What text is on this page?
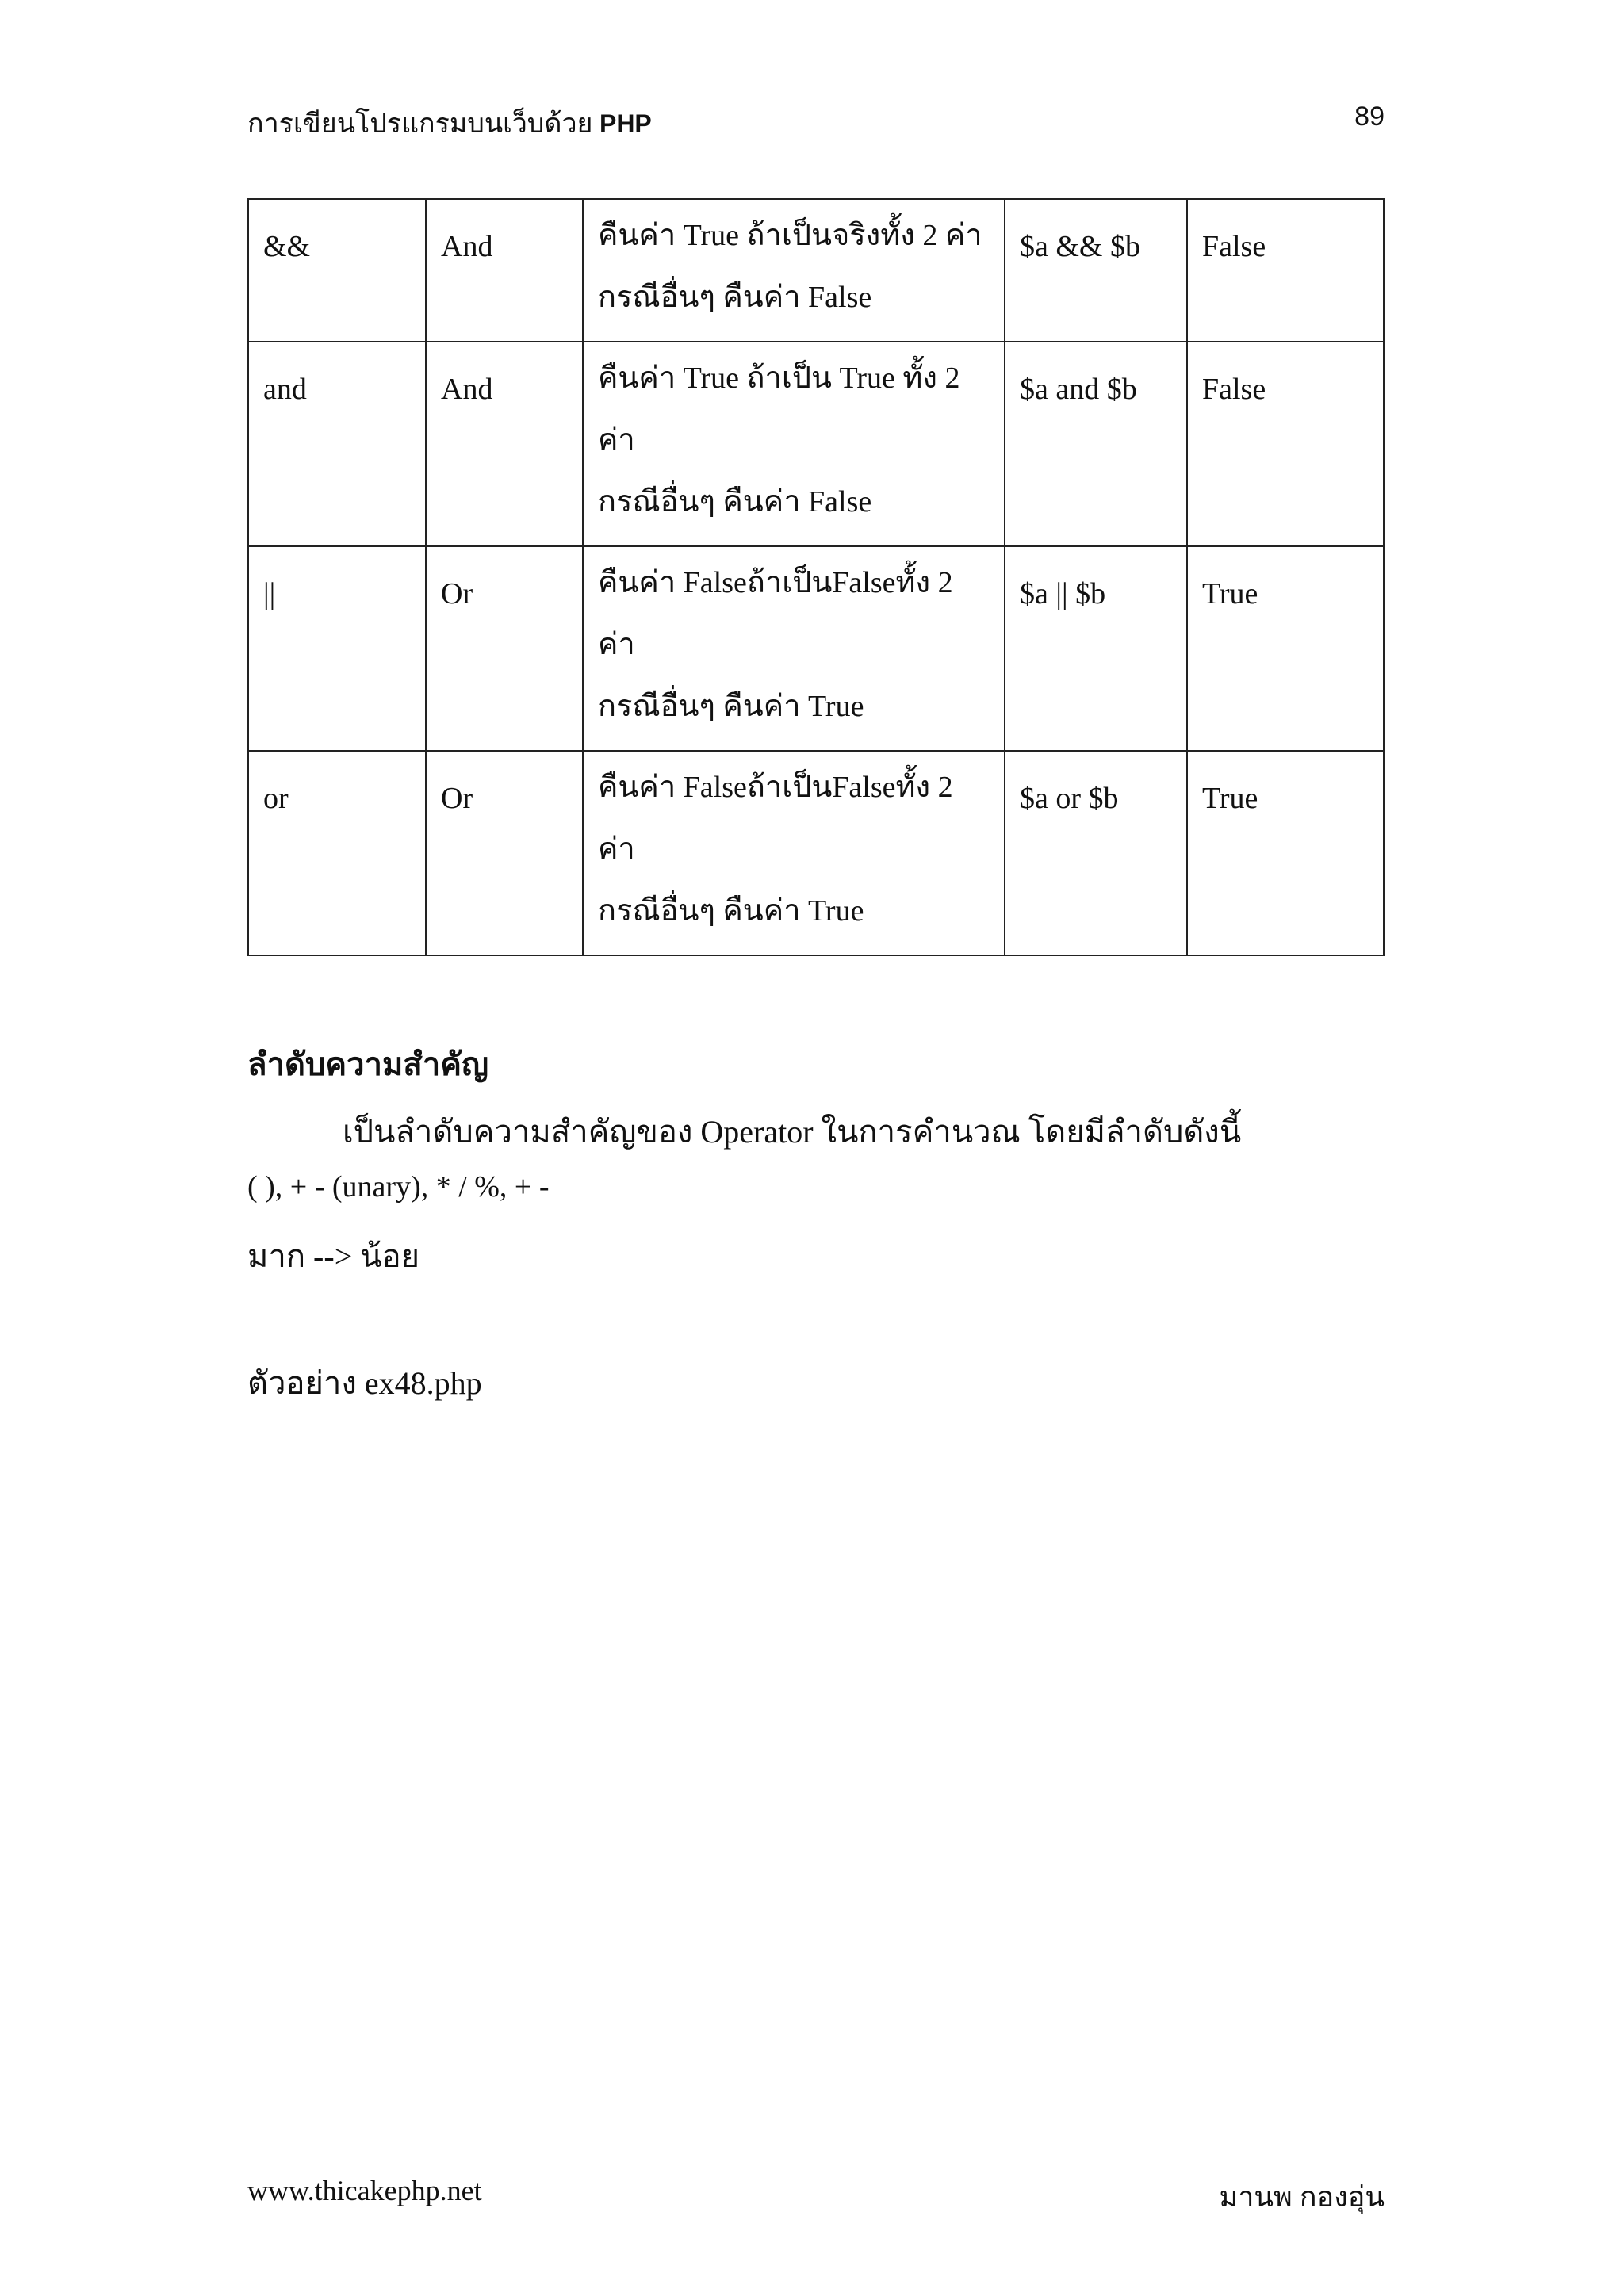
การเขียนโปรแกรมบนเว็บด้วย PHP	89
&&	And	คืนค่า True ถ้าเป็นจริงทั้ง 2 ค่า
กรณีอื่นๆ คืนค่า False	$a && $b	False
and	And	คืนค่า True ถ้าเป็น True ทั้ง 2
ค่า
กรณีอื่นๆ คืนค่า False	$a and $b	False
||	Or	คืนค่า Falseถ้าเป็นFalseทั้ง 2
ค่า
กรณีอื่นๆ คืนค่า True	$a || $b	True
or	Or	คืนค่า Falseถ้าเป็นFalseทั้ง 2
ค่า
กรณีอื่นๆ คืนค่า True	$a or $b	True
ลำดับความสำคัญ
เป็นลำดับความสำคัญของ Operator ในการคำนวณ โดยมีลำดับดังนี้
( ), + - (unary), * / %, + -
มาก --> น้อย
ตัวอย่าง ex48.php
www.thicakephp.net	มานพ กองอุ่น
